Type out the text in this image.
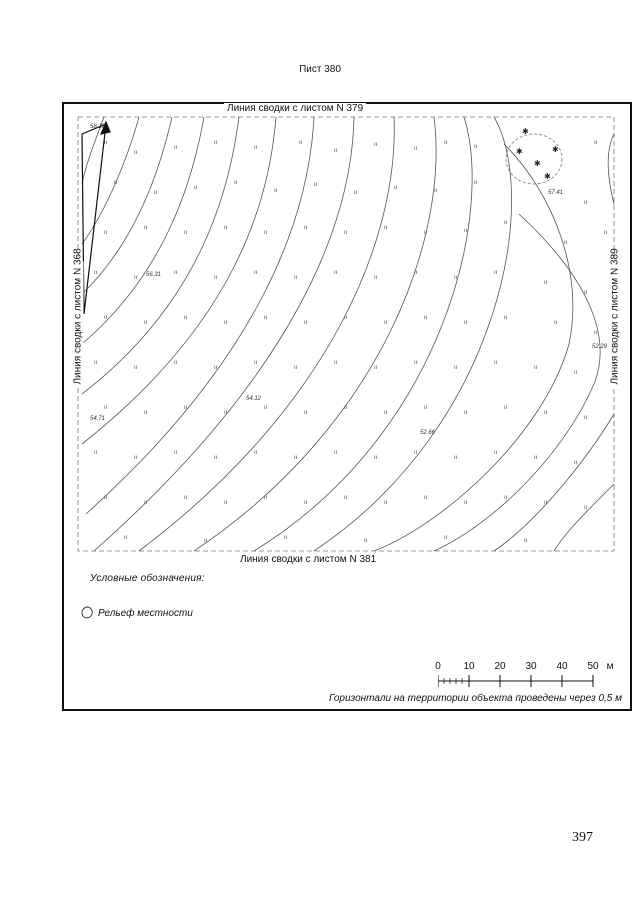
Пист 380
ıı
ıı
ıı
ıı
ıı
ıı
ıı
ıı
ıı
ıı
ıı
ıı
ıı
ıı
ıı
ıı
ıı
ıı
ıı
ıı	ıı
ıı
ıı
ıı
ıı
ıı
ıı
ıı
ıı
ıı
ıı
ıı
ıı	ıı
ıı
ıı
ıı
ıı
ıı
ıı
ıı
ıı
ıı
ıı
ıı
ıı
ıı
ıı
ıı
ıı
ıı
ıı
ıı
ıı
ıı
ıı
ıı
ıı
ıı
ıı
ıı
ıı
ıı
ıı
ıı
ıı
ıı
ıı
ıı
ıı
ıı
ıı
ıı
ıı
ıı
ıı
ıı
ıı
ıı
ıı
ıı
ıı
ıı
ıı
ıı
ıı
ıı
ıı
ıı
ıı
ıı
ıı
ıı
ıı
ıı
ıı
ıı
ıı
ıı
ıı
ıı
ıı
ıı
ıı
ıı
ıı
ıı
ıı
ıı
ıı
ıı
ıı
ıı
ıı
ıı	ıı	ıı	ıı	ıı	ıı
✱
✱
✱
✱
✱
58.18
56.31
54.12
54.71
52.66
52.29
57.41
Линия сводки с листом N 379
Линия сводки с листом N 381
Линия сводки с листом N 368	Линия сводки с листом N 389
Условные обозначения:
Рельеф местности
0 10 20 30 40 50 м
Горизонтали на территории объекта проведены через 0,5 м
397
